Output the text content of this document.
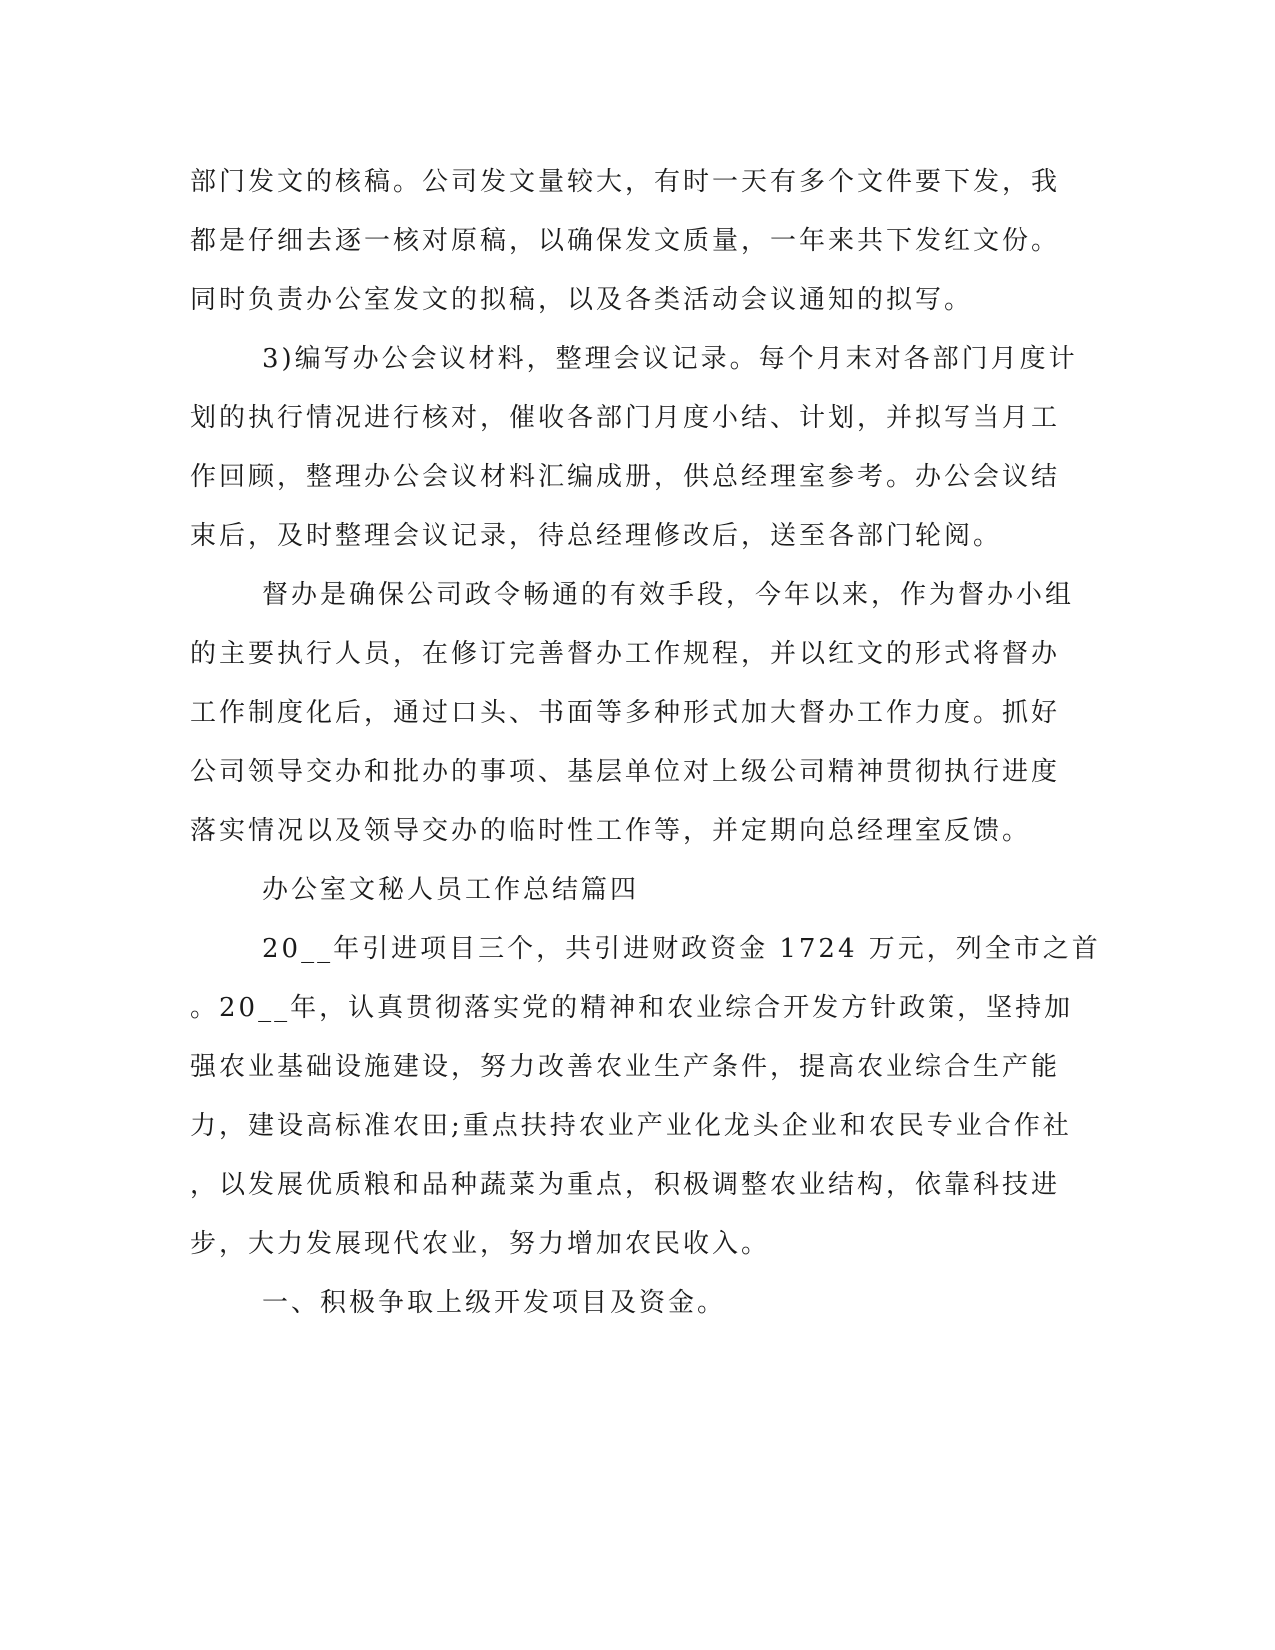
部门发文的核稿。公司发文量较大，有时一天有多个文件要下发，我
都是仔细去逐一核对原稿，以确保发文质量，一年来共下发红文份。
同时负责办公室发文的拟稿，以及各类活动会议通知的拟写。
3)编写办公会议材料，整理会议记录。每个月末对各部门月度计
划的执行情况进行核对，催收各部门月度小结、计划，并拟写当月工
作回顾，整理办公会议材料汇编成册，供总经理室参考。办公会议结
束后，及时整理会议记录，待总经理修改后，送至各部门轮阅。
督办是确保公司政令畅通的有效手段，今年以来，作为督办小组
的主要执行人员，在修订完善督办工作规程，并以红文的形式将督办
工作制度化后，通过口头、书面等多种形式加大督办工作力度。抓好
公司领导交办和批办的事项、基层单位对上级公司精神贯彻执行进度
落实情况以及领导交办的临时性工作等，并定期向总经理室反馈。
办公室文秘人员工作总结篇四
20__年引进项目三个，共引进财政资金 1724 万元，列全市之首
。20__年，认真贯彻落实党的精神和农业综合开发方针政策，坚持加
强农业基础设施建设，努力改善农业生产条件，提高农业综合生产能
力，建设高标准农田;重点扶持农业产业化龙头企业和农民专业合作社
，以发展优质粮和品种蔬菜为重点，积极调整农业结构，依靠科技进
步，大力发展现代农业，努力增加农民收入。
一、积极争取上级开发项目及资金。
